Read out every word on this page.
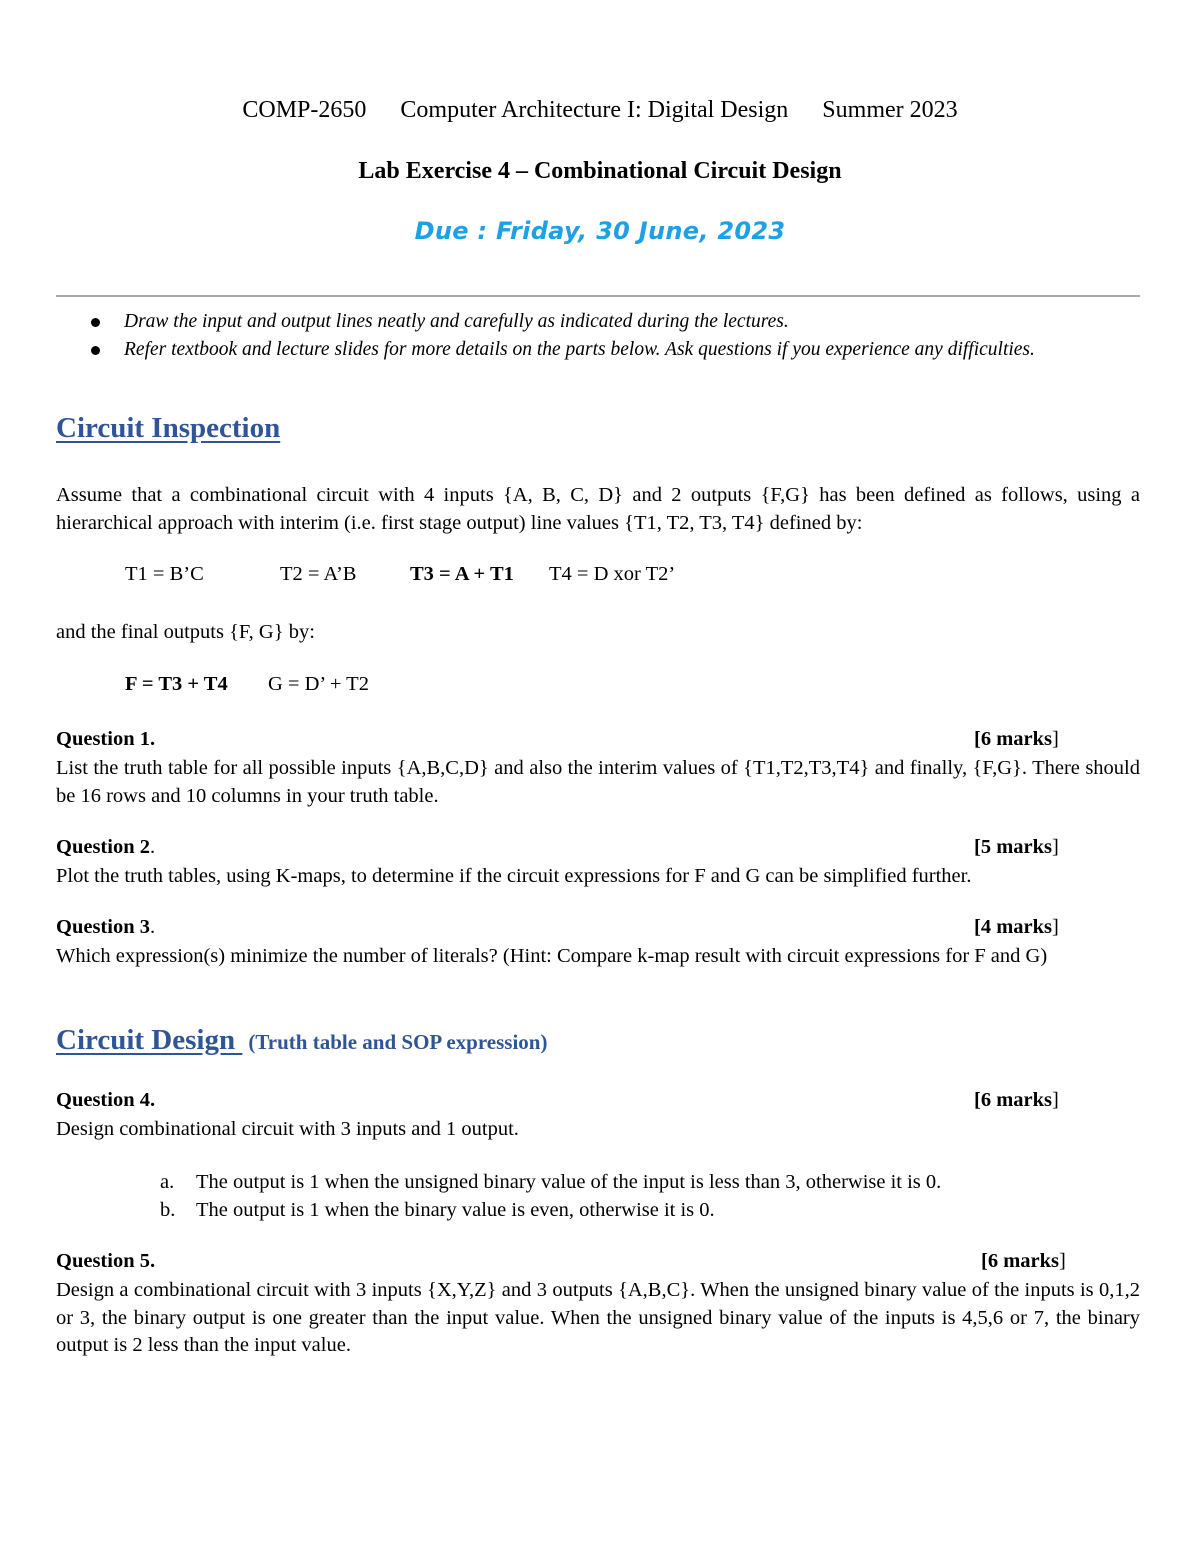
COMP-2650 Computer Architecture I: Digital Design Summer 2023
Lab Exercise 4 – Combinational Circuit Design
Due : Friday, 30 June, 2023
Draw the input and output lines neatly and carefully as indicated during the lectures.
Refer textbook and lecture slides for more details on the parts below. Ask questions if you experience any difficulties.
Circuit Inspection
Assume that a combinational circuit with 4 inputs {A, B, C, D} and 2 outputs {F,G} has been defined as follows, using a hierarchical approach with interim (i.e. first stage output) line values {T1, T2, T3, T4} defined by:
T1 = B’C	T2 = A’B	T3 = A + T1 T4 = D xor T2’
and the final outputs {F, G} by:
F = T3 + T4 G = D’ + T2
Question 1.	[6 marks]
List the truth table for all possible inputs {A,B,C,D} and also the interim values of {T1,T2,T3,T4} and finally, {F,G}. There should be 16 rows and 10 columns in your truth table.
Question 2.	[5 marks]
Plot the truth tables, using K-maps, to determine if the circuit expressions for F and G can be simplified further.
Question 3.	[4 marks]
Which expression(s) minimize the number of literals? (Hint: Compare k-map result with circuit expressions for F and G)
Circuit Design (Truth table and SOP expression)
Question 4.	[6 marks]
Design combinational circuit with 3 inputs and 1 output.
a. The output is 1 when the unsigned binary value of the input is less than 3, otherwise it is 0.
b. The output is 1 when the binary value is even, otherwise it is 0.
Question 5.	[6 marks]
Design a combinational circuit with 3 inputs {X,Y,Z} and 3 outputs {A,B,C}. When the unsigned binary value of the inputs is 0,1,2 or 3, the binary output is one greater than the input value. When the unsigned binary value of the inputs is 4,5,6 or 7, the binary output is 2 less than the input value.
